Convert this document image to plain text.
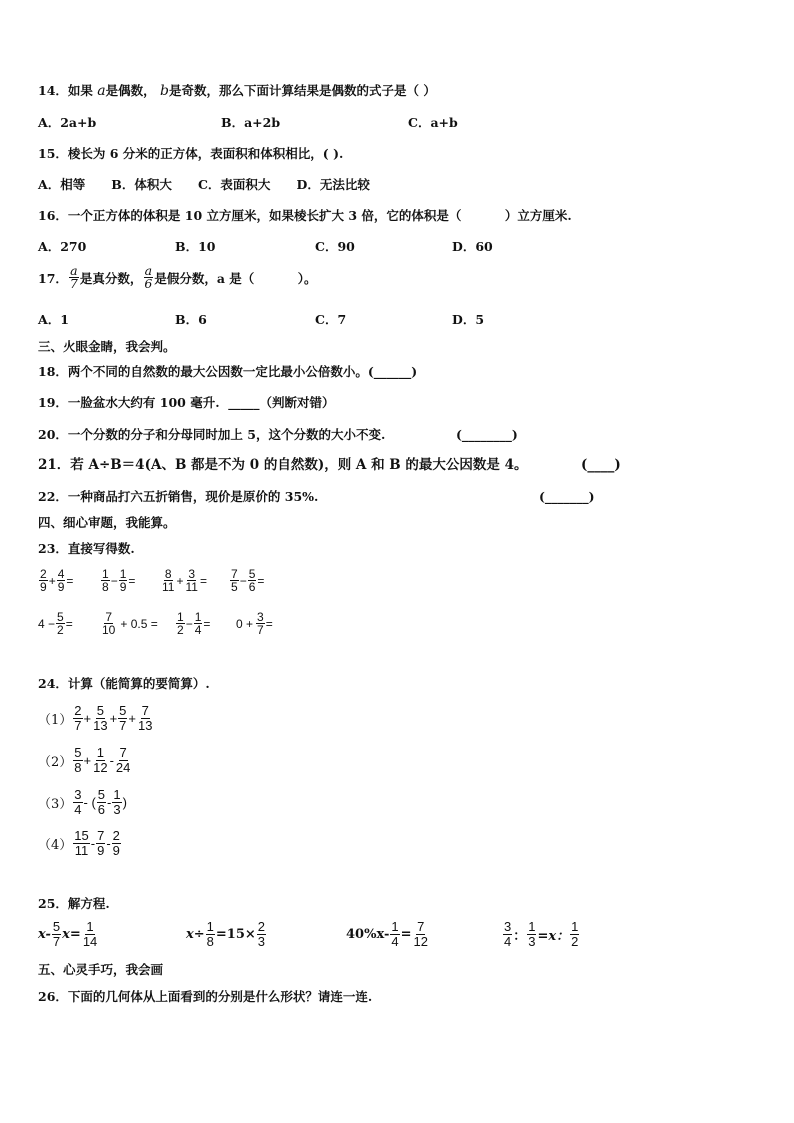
14．如果 a是偶数， b是奇数，那么下面计算结果是偶数的式子是（ ）
A．2a+b	B．a+2b	C．a+b
15．棱长为 6 分米的正方体，表面积和体积相比，( ).
A．相等      B．体积大      C．表面积大      D．无法比较
16．一个正方体的体积是 10 立方厘米，如果棱长扩大 3 倍，它的体积是（          ）立方厘米.
A．270	B．10	C．90	D．60
17． $\frac{a}{7}$ 是真分数， $\frac{a}{6}$ 是假分数，a 是（          ）。
A．1	B．6	C．7	D．5
三、火眼金睛，我会判。
18．两个不同的自然数的最大公因数一定比最小公倍数小。(______)
19．一脸盆水大约有 100 毫升.  _____（判断对错）
20．一个分数的分子和分母同时加上 5，这个分数的大小不变.	(________)
21．若 A÷B＝4(A、B 都是不为 0 的自然数)，则 A 和 B 的最大公因数是 4。	(____)
22．一种商品打六五折销售，现价是原价的 35%.	(_______)
四、细心审题，我能算。
23．直接写得数.
$\frac{2}{9} + \frac{4}{9} = \frac{1}{8} - \frac{1}{9} = \frac{8}{11} + \frac{3}{11} = \frac{7}{5} - \frac{5}{6}$ =
$4 - \frac{5}{2} = \frac{7}{10} + 0.5 = \frac{1}{2} - \frac{1}{4} = 0 + \frac{3}{7}$ =
24．计算（能简算的要简算）.
$(1) \frac{2}{7} + \frac{5}{13} + \frac{5}{7} + \frac{7}{13}$
$(2) \frac{5}{8} + \frac{1}{12} - \frac{7}{24}$
$(3) \frac{3}{4}$ - ( $\frac{5}{6} - \frac{1}{3}$ )
$(4) \frac{15}{11} - \frac{7}{9} - \frac{2}{9}$
25．解方程.
$x- \frac{5}{7} x= \frac{1}{14}$	$x\div \frac{1}{8} =15\times \frac{2}{3}$	$40\%x- \frac{1}{4} = \frac{7}{12}$	$\frac{3}{4}$ ： $\frac{1}{3} =x$： $\frac{1}{2}$
五、心灵手巧，我会画
26．下面的几何体从上面看到的分别是什么形状？请连一连.
